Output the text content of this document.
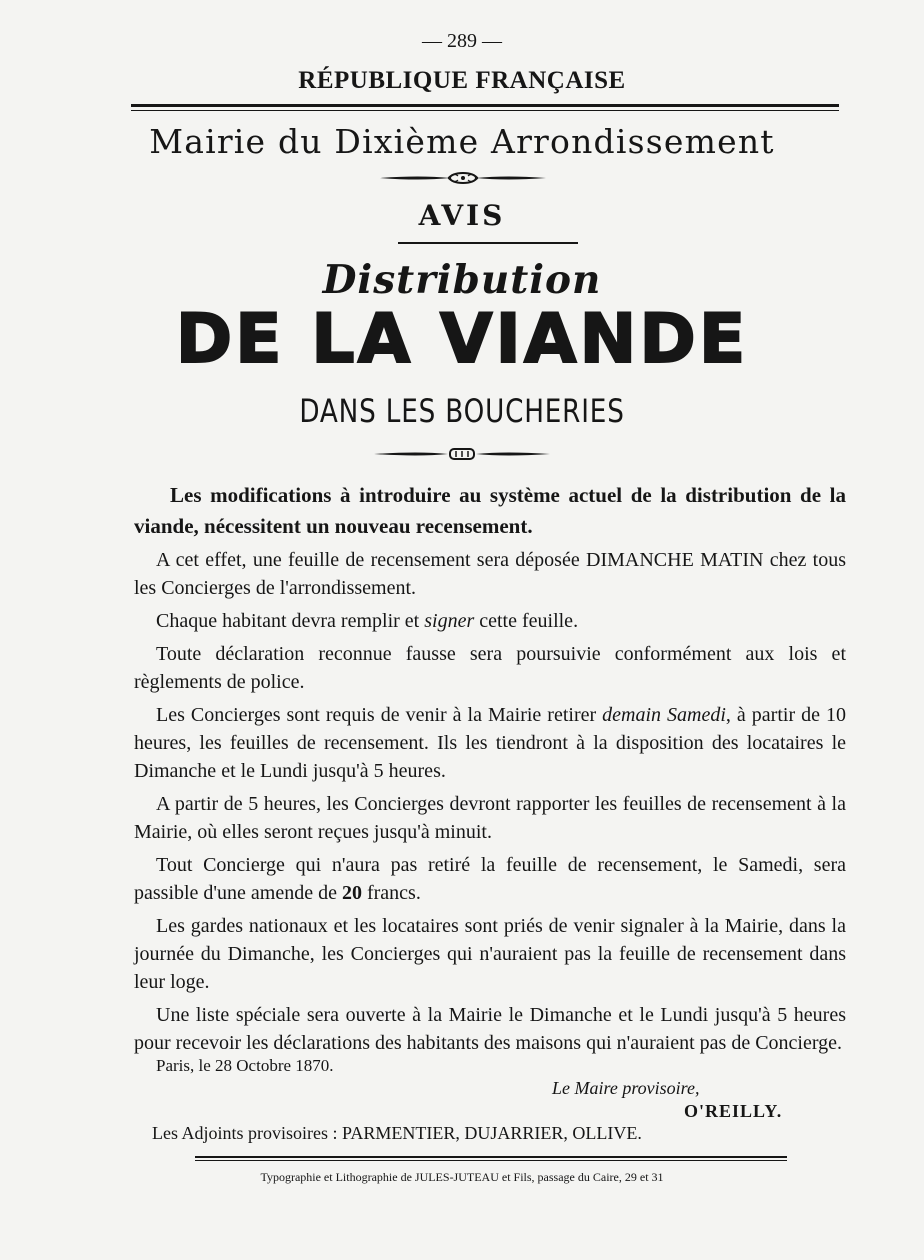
— 289 —
RÉPUBLIQUE FRANÇAISE
Mairie du Dixième Arrondissement
AVIS
Distribution
DE LA VIANDE
DANS LES BOUCHERIES

Les modifications à introduire au système actuel de la distribution de la viande, nécessitent un nouveau recensement.

A cet effet, une feuille de recensement sera déposée DIMANCHE MATIN chez tous les Concierges de l'arrondissement.

Chaque habitant devra remplir et signer cette feuille.

Toute déclaration reconnue fausse sera poursuivie conformément aux lois et règlements de police.

Les Concierges sont requis de venir à la Mairie retirer demain Samedi, à partir de 10 heures, les feuilles de recensement. Ils les tiendront à la disposition des locataires le Dimanche et le Lundi jusqu'à 5 heures.

A partir de 5 heures, les Concierges devront rapporter les feuilles de recensement à la Mairie, où elles seront reçues jusqu'à minuit.

Tout Concierge qui n'aura pas retiré la feuille de recensement, le Samedi, sera passible d'une amende de 20 francs.

Les gardes nationaux et les locataires sont priés de venir signaler à la Mairie, dans la journée du Dimanche, les Concierges qui n'auraient pas la feuille de recensement dans leur loge.

Une liste spéciale sera ouverte à la Mairie le Dimanche et le Lundi jusqu'à 5 heures pour recevoir les déclarations des habitants des maisons qui n'auraient pas de Concierge.

Paris, le 28 Octobre 1870.
Le Maire provisoire,
O'REILLY.
Les Adjoints provisoires : PARMENTIER, DUJARRIER, OLLIVE.
Typographie et Lithographie de JULES-JUTEAU et Fils, passage du Caire, 29 et 31
